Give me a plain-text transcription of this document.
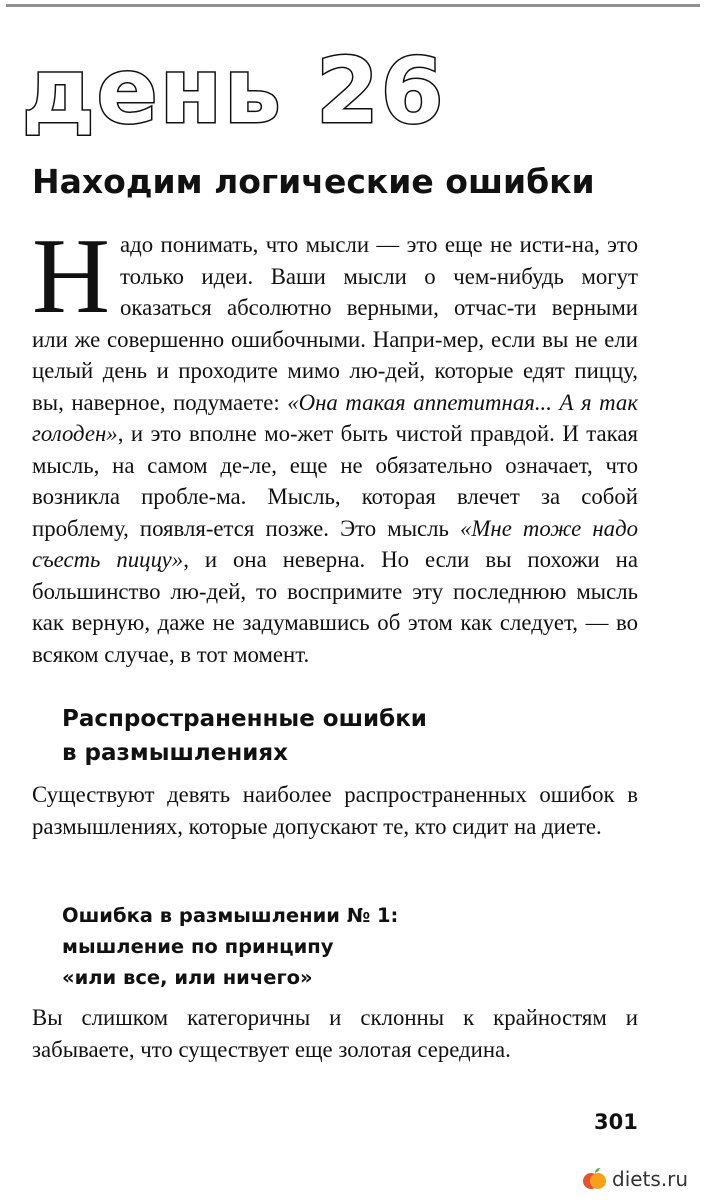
день 26
Находим логические ошибки

Надо понимать, что мысли — это еще не исти-на, это только идеи. Ваши мысли о чем-нибудь могут оказаться абсолютно верными, отчас-ти верными или же совершенно ошибочными. Напри-мер, если вы не ели целый день и проходите мимо лю-дей, которые едят пиццу, вы, наверное, подумаете: «Она такая аппетитная... А я так голоден», и это вполне мо-жет быть чистой правдой. И такая мысль, на самом де-ле, еще не обязательно означает, что возникла пробле-ма. Мысль, которая влечет за собой проблему, появля-ется позже. Это мысль «Мне тоже надо съесть пиццу», и она неверна. Но если вы похожи на большинство лю-дей, то воспримите эту последнюю мысль как верную, даже не задумавшись об этом как следует, — во всяком случае, в тот момент.

Распространенные ошибки
в размышлениях

Существуют девять наиболее распространенных ошибок в размышлениях, которые допускают те, кто сидит на диете.

Ошибка в размышлении № 1:
мышление по принципу
«или все, или ничего»

Вы слишком категоричны и склонны к крайностям и забываете, что существует еще золотая середина.

301
diets.ru
